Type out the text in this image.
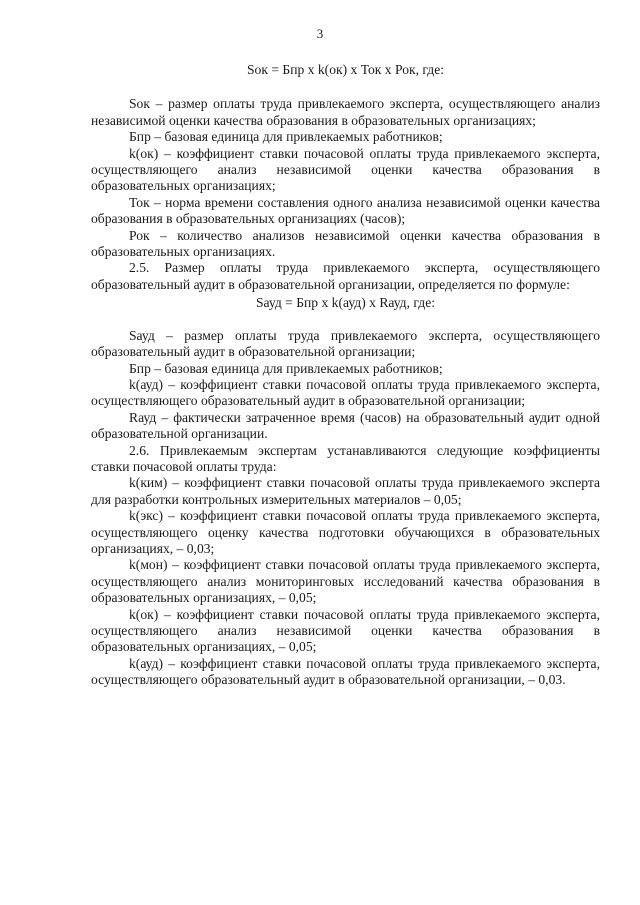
3
Sок = Бпр x k(ок) x Ток x Рок, где:

Sок – размер оплаты труда привлекаемого эксперта, осуществляющего анализ независимой оценки качества образования в образовательных организациях;

Бпр – базовая единица для привлекаемых работников;

k(ок) – коэффициент ставки почасовой оплаты труда привлекаемого эксперта, осуществляющего анализ независимой оценки качества образования в образовательных организациях;

Ток – норма времени составления одного анализа независимой оценки качества образования в образовательных организациях (часов);

Рок – количество анализов независимой оценки качества образования в образовательных организациях.

2.5. Размер оплаты труда привлекаемого эксперта, осуществляющего образовательный аудит в образовательной организации, определяется по формуле:

Sауд = Бпр x k(ауд) x Rауд, где:

Sауд – размер оплаты труда привлекаемого эксперта, осуществляющего образовательный аудит в образовательной организации;

Бпр – базовая единица для привлекаемых работников;

k(ауд) – коэффициент ставки почасовой оплаты труда привлекаемого эксперта, осуществляющего образовательный аудит в образовательной организации;

Rауд – фактически затраченное время (часов) на образовательный аудит одной образовательной организации.

2.6. Привлекаемым экспертам устанавливаются следующие коэффициенты ставки почасовой оплаты труда:

k(ким) – коэффициент ставки почасовой оплаты труда привлекаемого эксперта для разработки контрольных измерительных материалов – 0,05;

k(экс) – коэффициент ставки почасовой оплаты труда привлекаемого эксперта, осуществляющего оценку качества подготовки обучающихся в образовательных организациях, – 0,03;

k(мон) – коэффициент ставки почасовой оплаты труда привлекаемого эксперта, осуществляющего анализ мониторинговых исследований качества образования в образовательных организациях, – 0,05;

k(ок) – коэффициент ставки почасовой оплаты труда привлекаемого эксперта, осуществляющего анализ независимой оценки качества образования в образовательных организациях, – 0,05;

k(ауд) – коэффициент ставки почасовой оплаты труда привлекаемого эксперта, осуществляющего образовательный аудит в образовательной организации, – 0,03.
